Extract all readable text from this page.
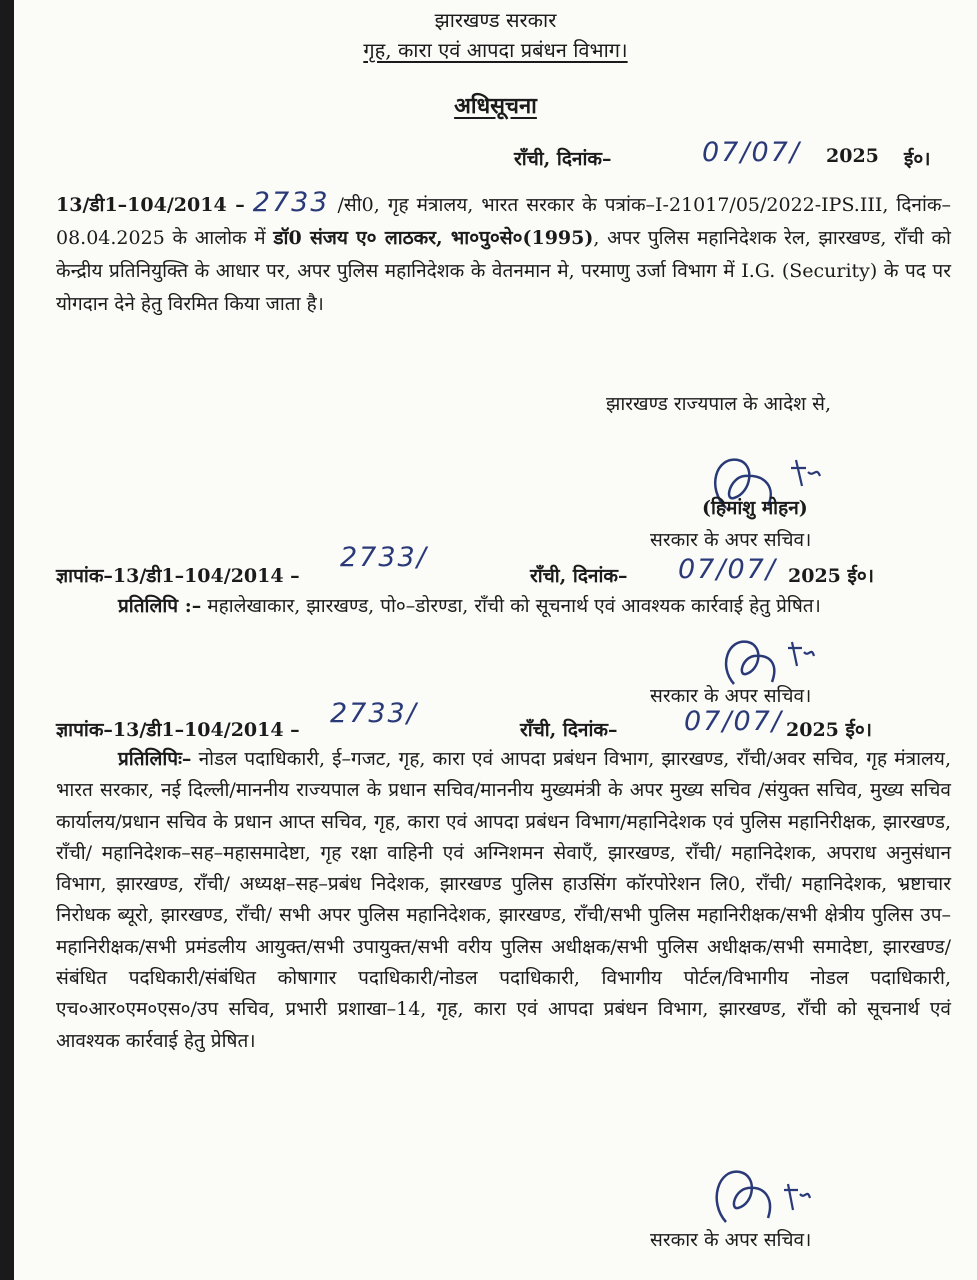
झारखण्ड सरकार
गृह, कारा एवं आपदा प्रबंधन विभाग।
अधिसूचना
राँची, दिनांक–	07/07/ 2025 ई०।
13/डी1–104/2014 – 2733 /सी0, गृह मंत्रालय, भारत सरकार के पत्रांक–I-21017/05/2022-IPS.III, दिनांक–08.04.2025 के आलोक में डॉ0 संजय ए० लाठकर, भा०पु०से०(1995), अपर पुलिस महानिदेशक रेल, झारखण्ड, राँची को केन्द्रीय प्रतिनियुक्ति के आधार पर, अपर पुलिस महानिदेशक के वेतनमान मे, परमाणु उर्जा विभाग में I.G. (Security) के पद पर योगदान देने हेतु विरमित किया जाता है।
झारखण्ड राज्यपाल के आदेश से,
(हिमांशु मोहन)
सरकार के अपर सचिव।
ज्ञापांक–13/डी1–104/2014 –
2733/
राँची, दिनांक– 07/07/ 2025 ई०।
प्रतिलिपि :– महालेखाकार, झारखण्ड, पो०–डोरण्डा, राँची को सूचनार्थ एवं आवश्यक कार्रवाई हेतु प्रेषित।
सरकार के अपर सचिव।
ज्ञापांक–13/डी1–104/2014 –
2733/
राँची, दिनांक– 07/07/ 2025 ई०।
प्रतिलिपिः– नोडल पदाधिकारी, ई–गजट, गृह, कारा एवं आपदा प्रबंधन विभाग, झारखण्ड, राँची/अवर सचिव, गृह मंत्रालय, भारत सरकार, नई दिल्ली/माननीय राज्यपाल के प्रधान सचिव/माननीय मुख्यमंत्री के अपर मुख्य सचिव /संयुक्त सचिव, मुख्य सचिव कार्यालय/प्रधान सचिव के प्रधान आप्त सचिव, गृह, कारा एवं आपदा प्रबंधन विभाग/महानिदेशक एवं पुलिस महानिरीक्षक, झारखण्ड, राँची/ महानिदेशक–सह–महासमादेष्टा, गृह रक्षा वाहिनी एवं अग्निशमन सेवाएँ, झारखण्ड, राँची/ महानिदेशक, अपराध अनुसंधान विभाग, झारखण्ड, राँची/ अध्यक्ष–सह–प्रबंध निदेशक, झारखण्ड पुलिस हाउसिंग कॉरपोरेशन लि0, राँची/ महानिदेशक, भ्रष्टाचार निरोधक ब्यूरो, झारखण्ड, राँची/ सभी अपर पुलिस महानिदेशक, झारखण्ड, राँची/सभी पुलिस महानिरीक्षक/सभी क्षेत्रीय पुलिस उप–महानिरीक्षक/सभी प्रमंडलीय आयुक्त/सभी उपायुक्त/सभी वरीय पुलिस अधीक्षक/सभी पुलिस अधीक्षक/सभी समादेष्टा, झारखण्ड/संबंधित पदधिकारी/संबंधित कोषागार पदाधिकारी/नोडल पदाधिकारी, विभागीय पोर्टल/विभागीय नोडल पदाधिकारी, एच०आर०एम०एस०/उप सचिव, प्रभारी प्रशाखा–14, गृह, कारा एवं आपदा प्रबंधन विभाग, झारखण्ड, राँची को सूचनार्थ एवं आवश्यक कार्रवाई हेतु प्रेषित।
सरकार के अपर सचिव।
